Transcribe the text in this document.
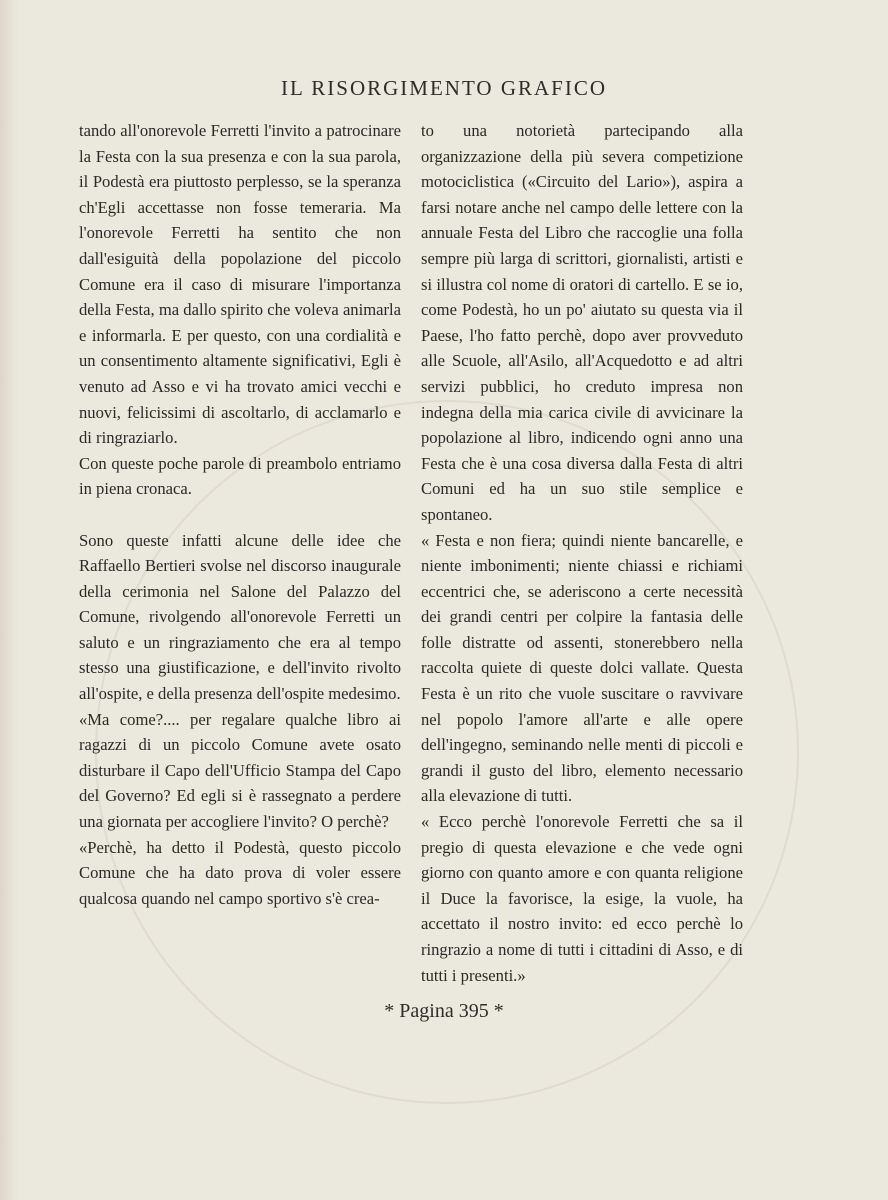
IL RISORGIMENTO GRAFICO

tando all'onorevole Ferretti l'invito a patrocinare la Festa con la sua presenza e con la sua parola, il Podestà era piuttosto perplesso, se la speranza ch'Egli accettasse non fosse temeraria. Ma l'onorevole Ferretti ha sentito che non dall'esiguità della popolazione del piccolo Comune era il caso di misurare l'importanza della Festa, ma dallo spirito che voleva animarla e informarla. E per questo, con una cordialità e un consentimento altamente significativi, Egli è venuto ad Asso e vi ha trovato amici vecchi e nuovi, felicissimi di ascoltarlo, di acclamarlo e di ringraziarlo.

Con queste poche parole di preambolo entriamo in piena cronaca.

Sono queste infatti alcune delle idee che Raffaello Bertieri svolse nel discorso inaugurale della cerimonia nel Salone del Palazzo del Comune, rivolgendo all'onorevole Ferretti un saluto e un ringraziamento che era al tempo stesso una giustificazione, e dell'invito rivolto all'ospite, e della presenza dell'ospite medesimo.

«Ma come?.... per regalare qualche libro ai ragazzi di un piccolo Comune avete osato disturbare il Capo dell'Ufficio Stampa del Capo del Governo? Ed egli si è rassegnato a perdere una giornata per accogliere l'invito? O perchè?

«Perchè, ha detto il Podestà, questo piccolo Comune che ha dato prova di voler essere qualcosa quando nel campo sportivo s'è crea-

to una notorietà partecipando alla organizzazione della più severa competizione motociclistica («Circuito del Lario»), aspira a farsi notare anche nel campo delle lettere con la annuale Festa del Libro che raccoglie una folla sempre più larga di scrittori, giornalisti, artisti e si illustra col nome di oratori di cartello. E se io, come Podestà, ho un po' aiutato su questa via il Paese, l'ho fatto perchè, dopo aver provveduto alle Scuole, all'Asilo, all'Acquedotto e ad altri servizi pubblici, ho creduto impresa non indegna della mia carica civile di avvicinare la popolazione al libro, indicendo ogni anno una Festa che è una cosa diversa dalla Festa di altri Comuni ed ha un suo stile semplice e spontaneo.

« Festa e non fiera; quindi niente bancarelle, e niente imbonimenti; niente chiassi e richiami eccentrici che, se aderiscono a certe necessità dei grandi centri per colpire la fantasia delle folle distratte od assenti, stonerebbero nella raccolta quiete di queste dolci vallate. Questa Festa è un rito che vuole suscitare o ravvivare nel popolo l'amore all'arte e alle opere dell'ingegno, seminando nelle menti di piccoli e grandi il gusto del libro, elemento necessario alla elevazione di tutti.

« Ecco perchè l'onorevole Ferretti che sa il pregio di questa elevazione e che vede ogni giorno con quanto amore e con quanta religione il Duce la favorisce, la esige, la vuole, ha accettato il nostro invito: ed ecco perchè lo ringrazio a nome di tutti i cittadini di Asso, e di tutti i presenti.»

* Pagina 395 *
